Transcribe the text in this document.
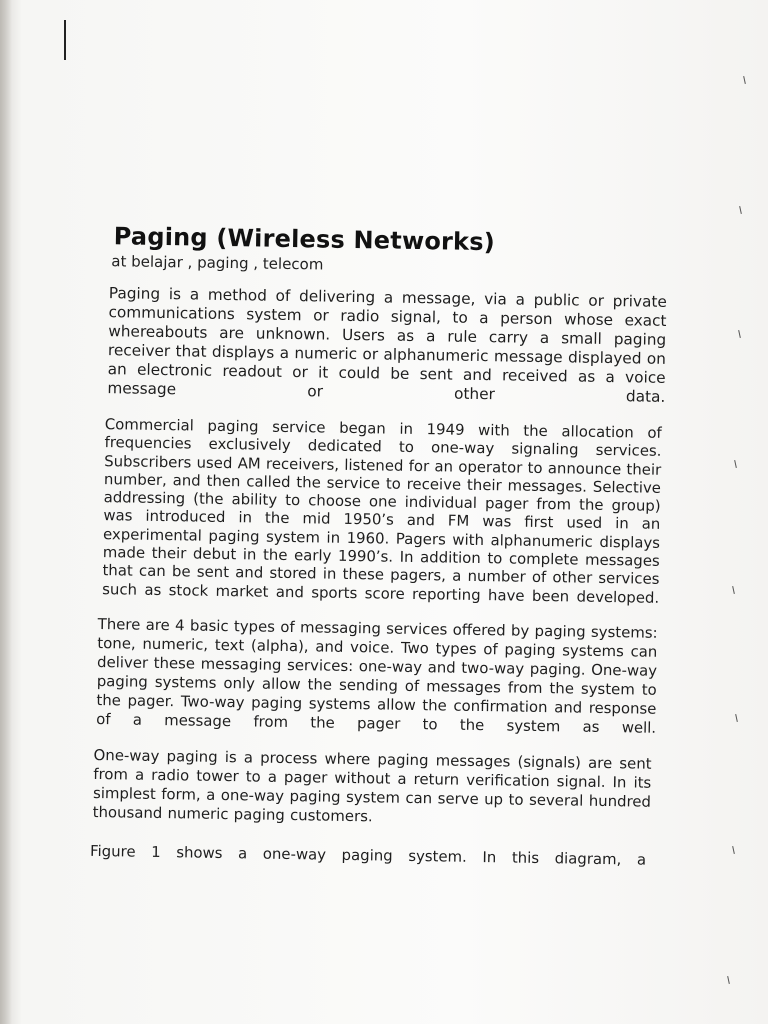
Paging (Wireless Networks)
at belajar , paging , telecom

Paging is a method of delivering a message, via a public or private communications system or radio signal, to a person whose exact whereabouts are unknown. Users as a rule carry a small paging receiver that displays a numeric or alphanumeric message displayed on an electronic readout or it could be sent and received as a voice message or other data.

Commercial paging service began in 1949 with the allocation of frequencies exclusively dedicated to one-way signaling services. Subscribers used AM receivers, listened for an operator to announce their number, and then called the service to receive their messages. Selective addressing (the ability to choose one individual pager from the group) was introduced in the mid 1950’s and FM was first used in an experimental paging system in 1960. Pagers with alphanumeric displays made their debut in the early 1990’s. In addition to complete messages that can be sent and stored in these pagers, a number of other services such as stock market and sports score reporting have been developed.

There are 4 basic types of messaging services offered by paging systems: tone, numeric, text (alpha), and voice. Two types of paging systems can deliver these messaging services: one-way and two-way paging. One-way paging systems only allow the sending of messages from the system to the pager. Two-way paging systems allow the confirmation and response of a message from the pager to the system as well.

One-way paging is a process where paging messages (signals) are sent from a radio tower to a pager without a return verification signal. In its simplest form, a one-way paging system can serve up to several hundred thousand numeric paging customers.

Figure 1 shows a one-way paging system. In this diagram, a
